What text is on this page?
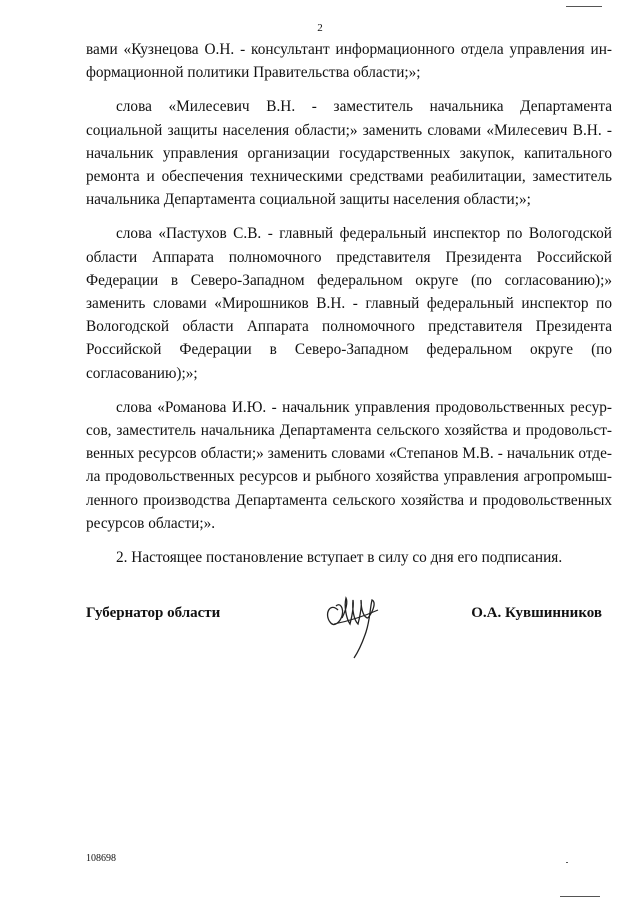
2

вами «Кузнецова О.Н. - консультант информационного отдела управления информационной политики Правительства области;»;

слова «Милесевич В.Н. - заместитель начальника Департамента социальной защиты населения области;» заменить словами «Милесевич В.Н. - начальник управления организации государственных закупок, капитального ремонта и обеспечения техническими средствами реабилитации, заместитель начальника Департамента социальной защиты населения области;»;

слова «Пастухов С.В. - главный федеральный инспектор по Вологодской области Аппарата полномочного представителя Президента Российской Федерации в Северо-Западном федеральном округе (по согласованию);» заменить словами «Мирошников В.Н. - главный федеральный инспектор по Вологодской области Аппарата полномочного представителя Президента Российской Федерации в Северо-Западном федеральном округе (по согласованию);»;

слова «Романова И.Ю. - начальник управления продовольственных ресурсов, заместитель начальника Департамента сельского хозяйства и продовольственных ресурсов области;» заменить словами «Степанов М.В. - начальник отдела продовольственных ресурсов и рыбного хозяйства управления агропромышленного производства Департамента сельского хозяйства и продовольственных ресурсов области;».

2. Настоящее постановление вступает в силу со дня его подписания.

Губернатор области	О.А. Кувшинников
108698
